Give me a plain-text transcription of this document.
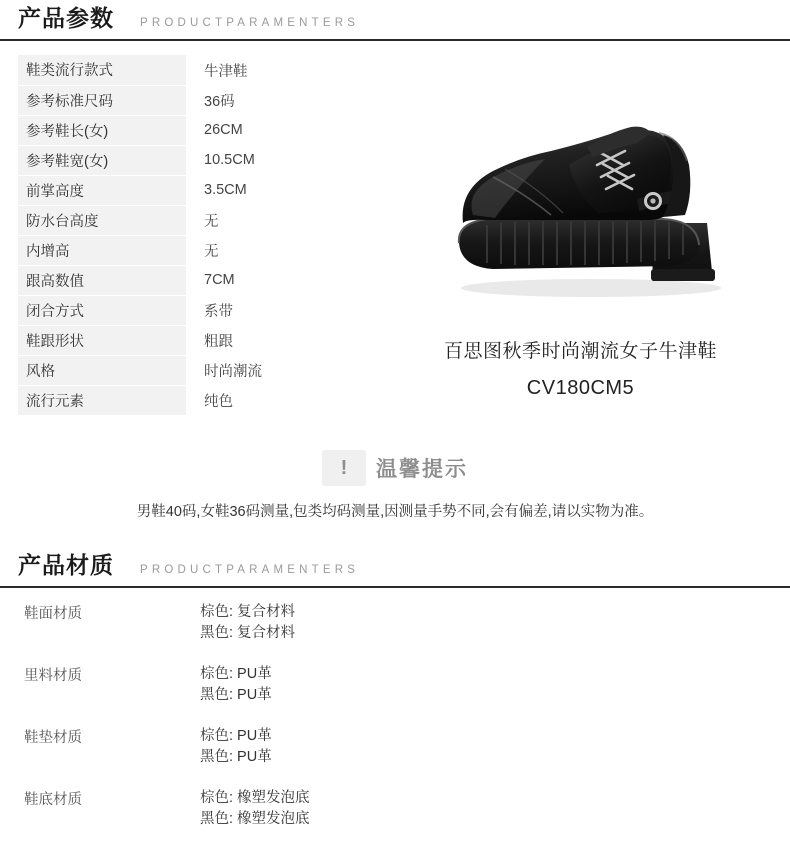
产品参数 PRODUCTPARAMENTERS
鞋类流行款式	牛津鞋
参考标准尺码	36码
参考鞋长(女)	26CM
参考鞋宽(女)	10.5CM
前掌高度	3.5CM
防水台高度	无
内增高	无
跟高数值	7CM
闭合方式	系带
鞋跟形状	粗跟
风格	时尚潮流
流行元素	纯色
百思图秋季时尚潮流女子牛津鞋
CV180CM5
!	温馨提示
男鞋40码,女鞋36码测量,包类均码测量,因测量手势不同,会有偏差,请以实物为准。
产品材质 PRODUCTPARAMENTERS
鞋面材质	棕色: 复合材料
黑色: 复合材料
里料材质	棕色: PU革
黑色: PU革
鞋垫材质	棕色: PU革
黑色: PU革
鞋底材质	棕色: 橡塑发泡底
黑色: 橡塑发泡底
